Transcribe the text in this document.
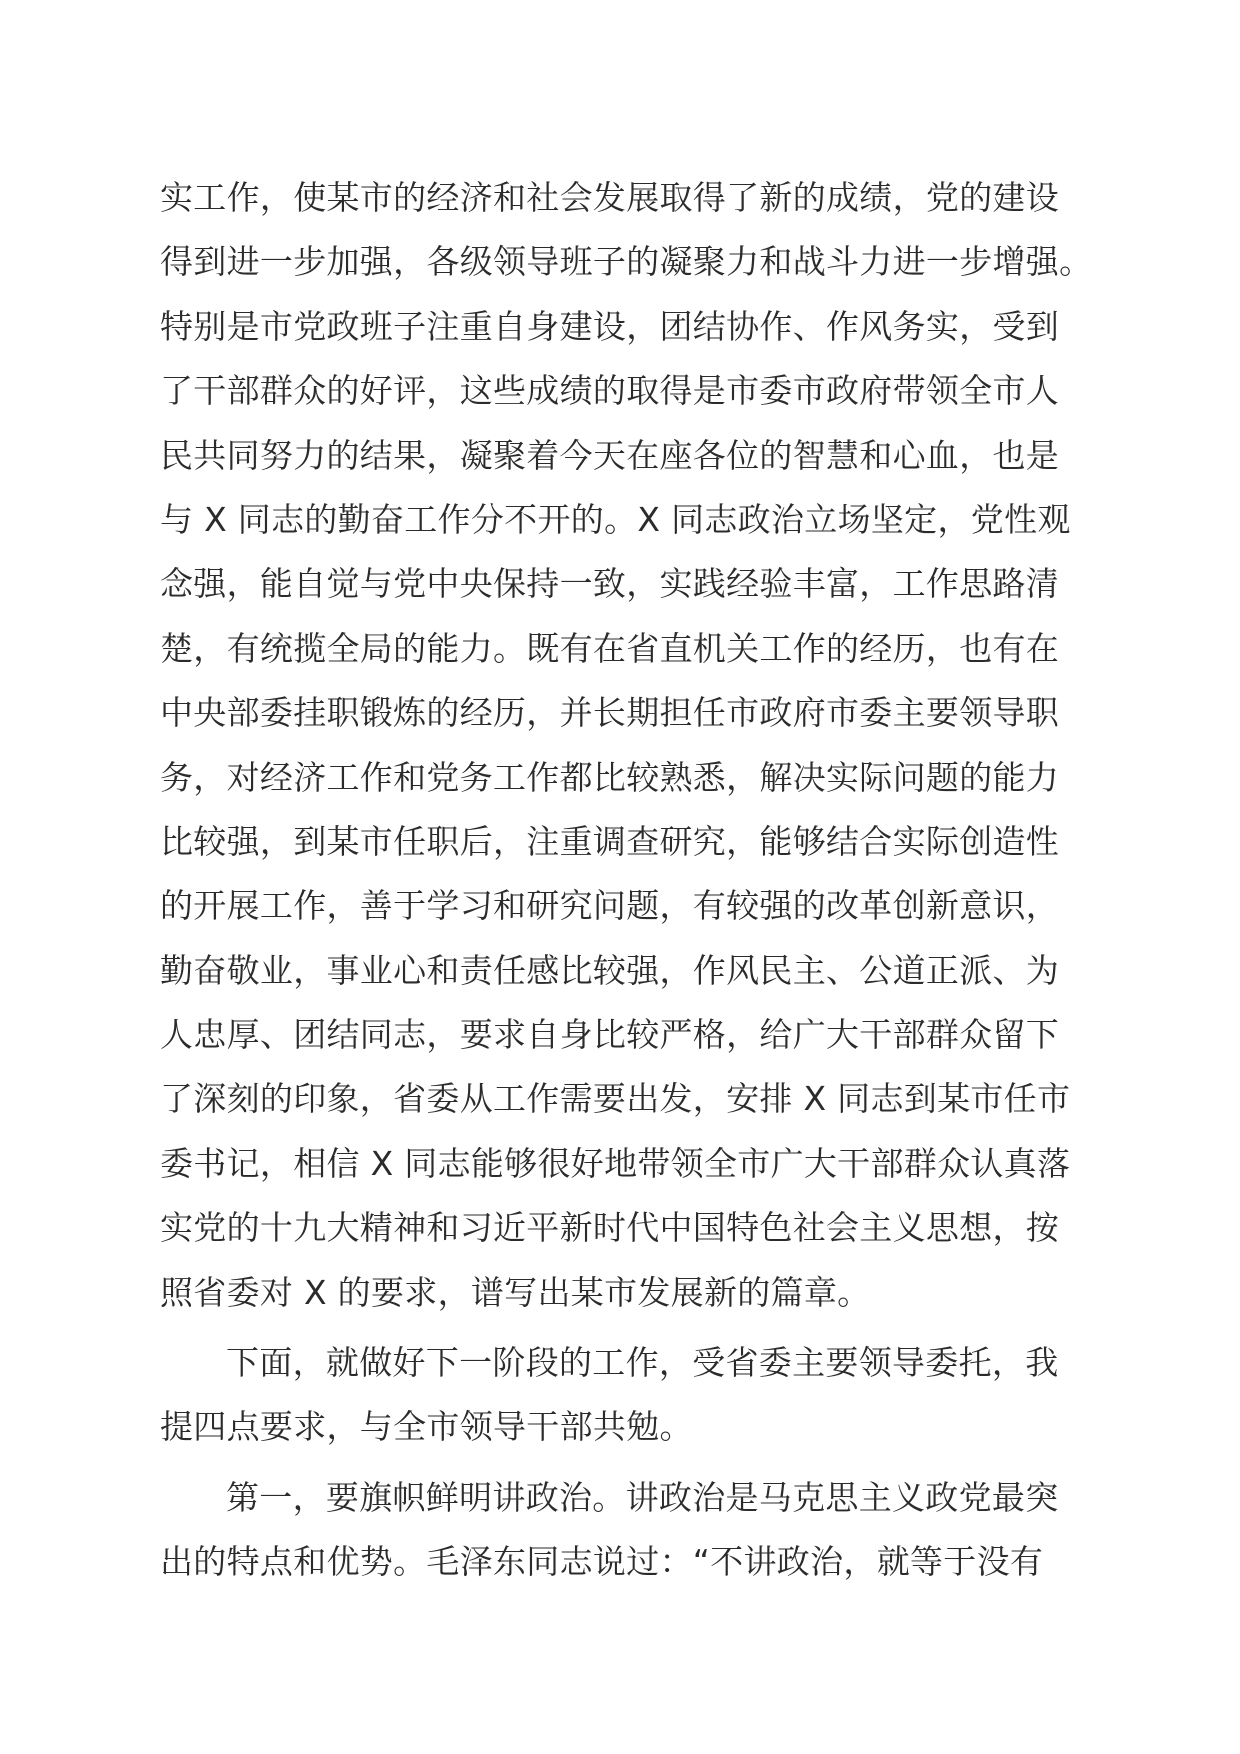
实工作，使某市的经济和社会发展取得了新的成绩，党的建设
得到进一步加强，各级领导班子的凝聚力和战斗力进一步增强。
特别是市党政班子注重自身建设，团结协作、作风务实，受到
了干部群众的好评，这些成绩的取得是市委市政府带领全市人
民共同努力的结果，凝聚着今天在座各位的智慧和心血，也是
与 X 同志的勤奋工作分不开的。X 同志政治立场坚定，党性观
念强，能自觉与党中央保持一致，实践经验丰富，工作思路清
楚，有统揽全局的能力。既有在省直机关工作的经历，也有在
中央部委挂职锻炼的经历，并长期担任市政府市委主要领导职
务，对经济工作和党务工作都比较熟悉，解决实际问题的能力
比较强，到某市任职后，注重调查研究，能够结合实际创造性
的开展工作，善于学习和研究问题，有较强的改革创新意识，
勤奋敬业，事业心和责任感比较强，作风民主、公道正派、为
人忠厚、团结同志，要求自身比较严格，给广大干部群众留下
了深刻的印象，省委从工作需要出发，安排 X 同志到某市任市
委书记，相信 X 同志能够很好地带领全市广大干部群众认真落
实党的十九大精神和习近平新时代中国特色社会主义思想，按
照省委对 X 的要求，谱写出某市发展新的篇章。
下面，就做好下一阶段的工作，受省委主要领导委托，我
提四点要求，与全市领导干部共勉。
第一，要旗帜鲜明讲政治。讲政治是马克思主义政党最突
出的特点和优势。毛泽东同志说过：“不讲政治，就等于没有
